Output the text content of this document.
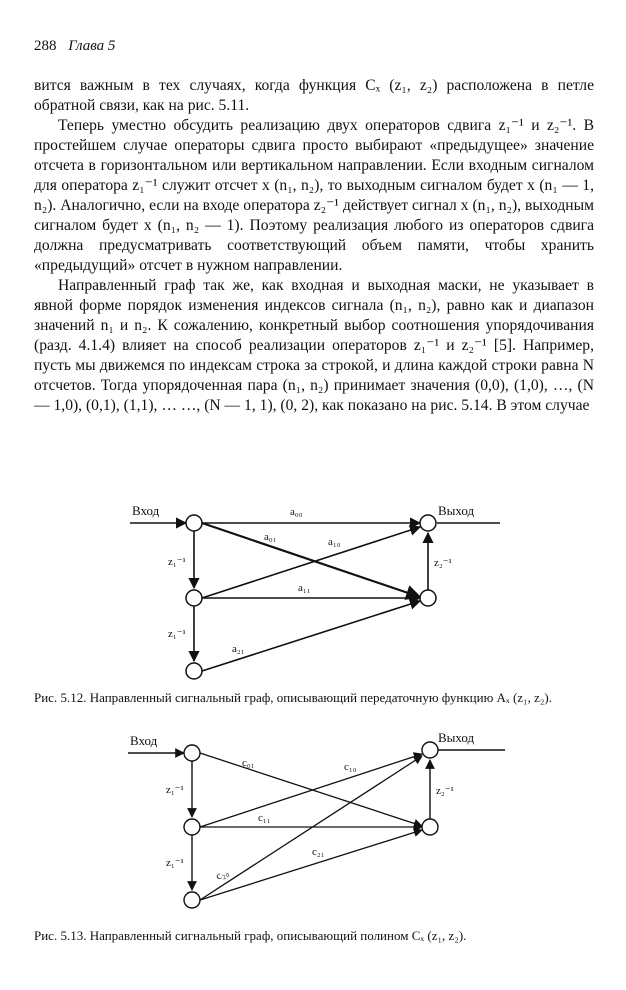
288 Глава 5

вится важным в тех случаях, когда функция Cₓ (z₁, z₂) расположена в петле обратной связи, как на рис. 5.11.

Теперь уместно обсудить реализацию двух операторов сдвига z₁⁻¹ и z₂⁻¹. В простейшем случае операторы сдвига просто выбирают «предыдущее» значение отсчета в горизонтальном или вертикальном направлении. Если входным сигналом для оператора z₁⁻¹ служит отсчет x (n₁, n₂), то выходным сигналом будет x (n₁ — 1, n₂). Аналогично, если на входе оператора z₂⁻¹ действует сигнал x (n₁, n₂), выходным сигналом будет x (n₁, n₂ — 1). Поэтому реализация любого из операторов сдвига должна предусматривать соответствующий объем памяти, чтобы хранить «предыдущий» отсчет в нужном направлении.

Направленный граф так же, как входная и выходная маски, не указывает в явной форме порядок изменения индексов сигнала (n₁, n₂), равно как и диапазон значений n₁ и n₂. К сожалению, конкретный выбор соотношения упорядочивания (разд. 4.1.4) влияет на способ реализации операторов z₁⁻¹ и z₂⁻¹ [5]. Например, пусть мы движемся по индексам строка за строкой, и длина каждой строки равна N отсчетов. Тогда упорядоченная пара (n₁, n₂) принимает значения (0,0), (1,0), …, (N — 1,0), (0,1), (1,1), … …, (N — 1, 1), (0, 2), как показано на рис. 5.14. В этом случае

Вход	Выход
a₀₀
a₀₁	a₁₀
a₁₁
a₂₁
z₁⁻¹
z₁⁻¹
z₂⁻¹
Рис. 5.12. Направленный сигнальный граф, описывающий передаточную функцию Aₓ (z₁, z₂).
Вход	Выход
c₀₁	c₁₀
c₁₁
c₂₀
c₂₁
z₁⁻¹
z₁⁻¹
z₂⁻¹
Рис. 5.13. Направленный сигнальный граф, описывающий полином Cₓ (z₁, z₂).
